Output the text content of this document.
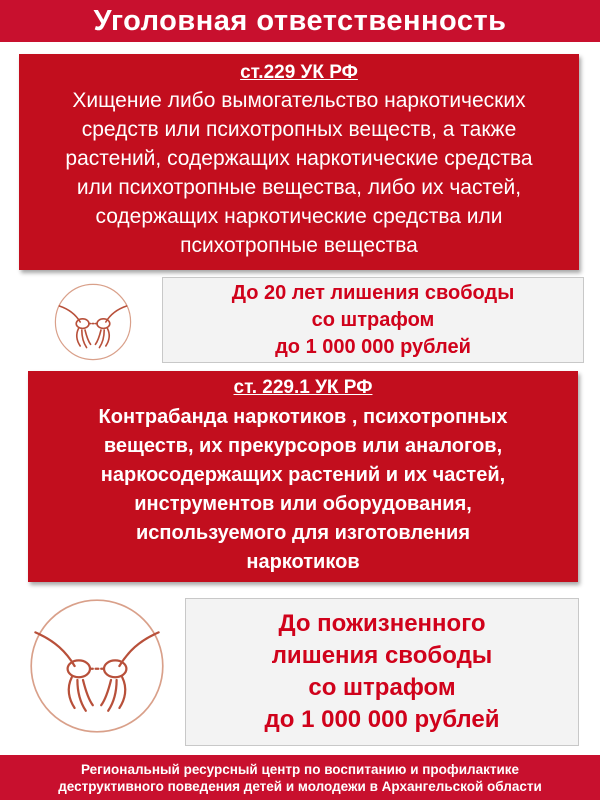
Уголовная ответственность
ст.229 УК РФ
Хищение либо вымогательство наркотических
средств или психотропных веществ, а также
растений, содержащих наркотические средства
или психотропные вещества, либо их частей,
содержащих наркотические средства или
психотропные вещества
До 20 лет лишения свободы
со штрафом
до 1 000 000 рублей
ст. 229.1 УК РФ
Контрабанда наркотиков , психотропных
веществ, их прекурсоров или аналогов,
наркосодержащих растений и их частей,
инструментов или оборудования,
используемого для изготовления
наркотиков
До пожизненного
лишения свободы
со штрафом
до 1 000 000 рублей
Региональный ресурсный центр по воспитанию и профилактике
деструктивного поведения детей и молодежи в Архангельской области
